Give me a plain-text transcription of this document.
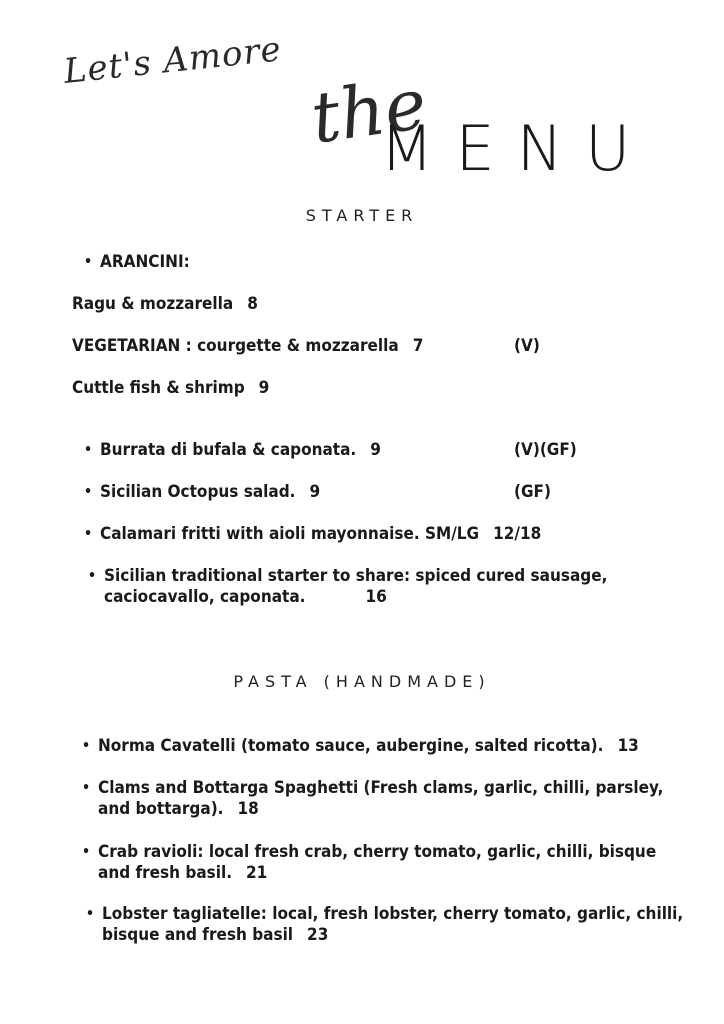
Let's Amore
the
MENU
STARTER
• ARANCINI:
Ragu & mozzarella 8
VEGETARIAN : courgette & mozzarella 7	(V)
Cuttle fish & shrimp 9
• Burrata di bufala & caponata. 9	(V)(GF)
• Sicilian Octopus salad. 9	(GF)
• Calamari fritti with aioli mayonnaise. SM/LG 12/18
• Sicilian traditional starter to share: spiced cured sausage, caciocavallo, caponata.	16
PASTA (HANDMADE)
• Norma Cavatelli (tomato sauce, aubergine, salted ricotta). 13
• Clams and Bottarga Spaghetti (Fresh clams, garlic, chilli, parsley, and bottarga). 18
• Crab ravioli: local fresh crab, cherry tomato, garlic, chilli, bisque and fresh basil. 21
• Lobster tagliatelle: local, fresh lobster, cherry tomato, garlic, chilli, bisque and fresh basil 23
